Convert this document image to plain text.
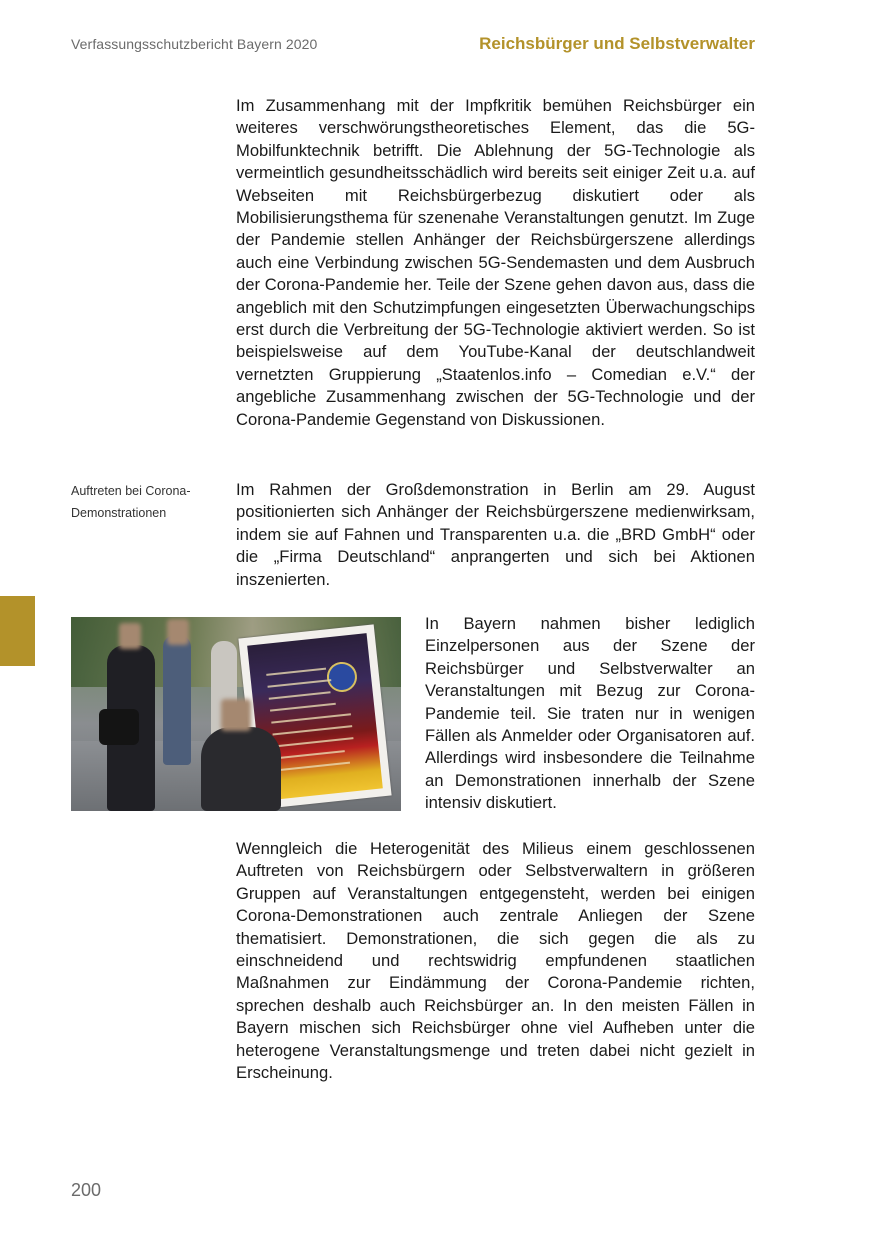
Verfassungsschutzbericht Bayern 2020	Reichsbürger und Selbstverwalter
Im Zusammenhang mit der Impfkritik bemühen Reichsbürger ein weiteres verschwörungstheoretisches Element, das die 5G-Mobilfunktechnik betrifft. Die Ablehnung der 5G-Technologie als vermeintlich gesundheitsschädlich wird bereits seit einiger Zeit u.a. auf Webseiten mit Reichsbürgerbezug diskutiert oder als Mobilisierungsthema für szenenahe Veranstaltungen genutzt. Im Zuge der Pandemie stellen Anhänger der Reichsbürgerszene allerdings auch eine Verbindung zwischen 5G-Sendemasten und dem Ausbruch der Corona-Pandemie her. Teile der Szene gehen davon aus, dass die angeblich mit den Schutzimpfungen eingesetzten Überwachungschips erst durch die Verbreitung der 5G-Technologie aktiviert werden. So ist beispielsweise auf dem YouTube-Kanal der deutschlandweit vernetzten Gruppierung „Staatenlos.info – Comedian e.V.“ der angebliche Zusammenhang zwischen der 5G-Technologie und der Corona-Pandemie Gegenstand von Diskussionen.
Auftreten bei Corona-
Demonstrationen
Im Rahmen der Großdemonstration in Berlin am 29. August positionierten sich Anhänger der Reichsbürgerszene medienwirksam, indem sie auf Fahnen und Transparenten u.a. die „BRD GmbH“ oder die „Firma Deutschland“ anprangerten und sich bei Aktionen inszenierten.
In Bayern nahmen bisher lediglich Einzelpersonen aus der Szene der Reichsbürger und Selbstverwalter an Veranstaltungen mit Bezug zur Corona-Pandemie teil. Sie traten nur in wenigen Fällen als Anmelder oder Organisatoren auf. Allerdings wird insbesondere die Teilnahme an Demonstrationen innerhalb der Szene intensiv diskutiert.
Wenngleich die Heterogenität des Milieus einem geschlossenen Auftreten von Reichsbürgern oder Selbstverwaltern in größeren Gruppen auf Veranstaltungen entgegensteht, werden bei einigen Corona-Demonstrationen auch zentrale Anliegen der Szene thematisiert. Demonstrationen, die sich gegen die als zu einschneidend und rechtswidrig empfundenen staatlichen Maßnahmen zur Eindämmung der Corona-Pandemie richten, sprechen deshalb auch Reichsbürger an. In den meisten Fällen in Bayern mischen sich Reichsbürger ohne viel Aufheben unter die heterogene Veranstaltungsmenge und treten dabei nicht gezielt in Erscheinung.
200
